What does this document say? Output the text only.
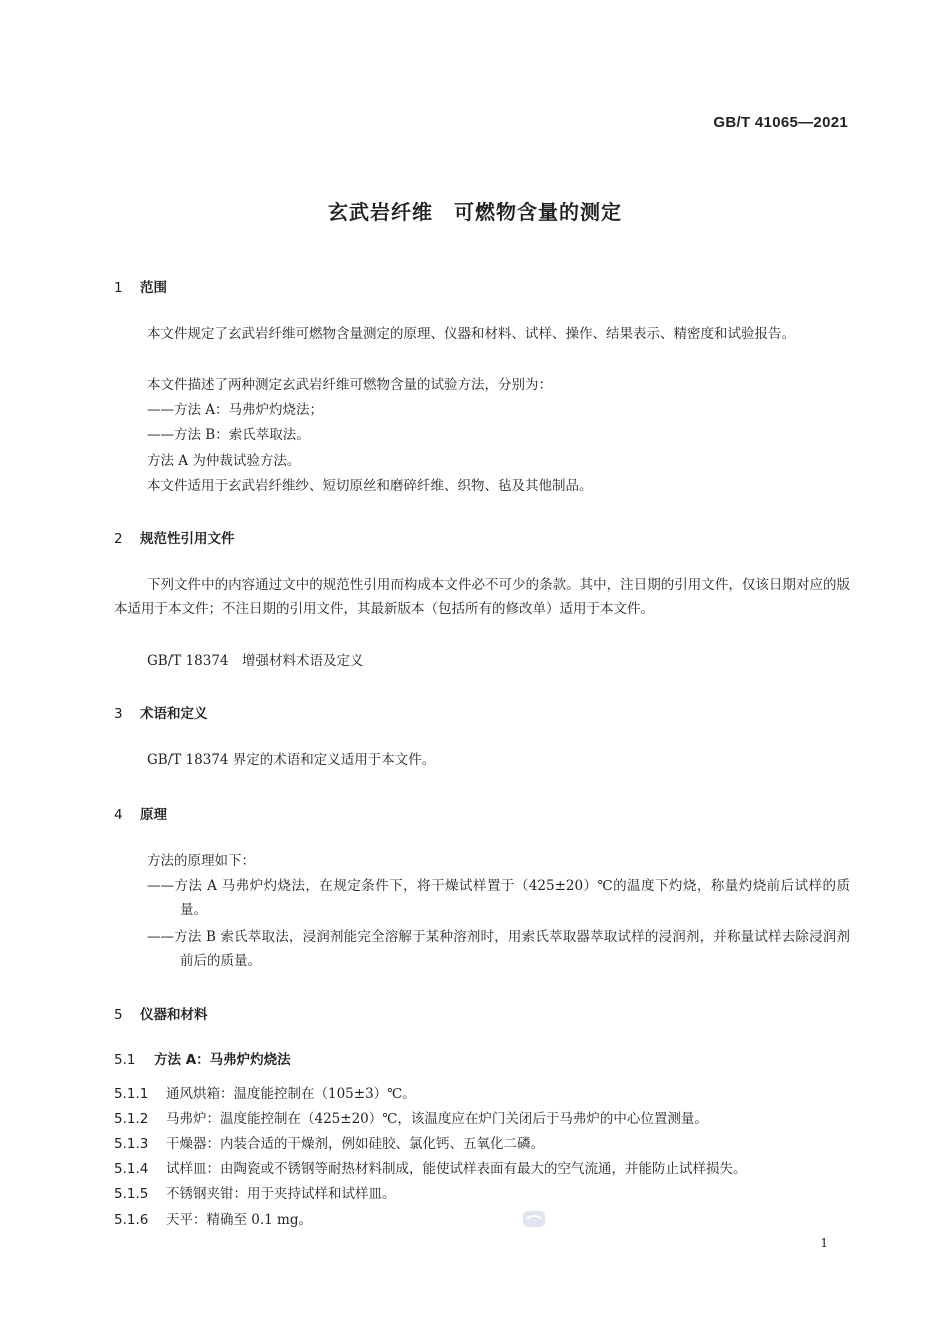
GB/T 41065—2021
玄武岩纤维　可燃物含量的测定
1 范围
本文件规定了玄武岩纤维可燃物含量测定的原理、仪器和材料、试样、操作、结果表示、精密度和试验报告。
本文件描述了两种测定玄武岩纤维可燃物含量的试验方法，分别为：
——方法 A：马弗炉灼烧法；
——方法 B：索氏萃取法。
方法 A 为仲裁试验方法。
本文件适用于玄武岩纤维纱、短切原丝和磨碎纤维、织物、毡及其他制品。
2 规范性引用文件
下列文件中的内容通过文中的规范性引用而构成本文件必不可少的条款。其中，注日期的引用文件，仅该日期对应的版本适用于本文件；不注日期的引用文件，其最新版本（包括所有的修改单）适用于本文件。
GB/T 18374　增强材料术语及定义
3 术语和定义
GB/T 18374 界定的术语和定义适用于本文件。
4 原理
方法的原理如下：
——方法 A 马弗炉灼烧法，在规定条件下，将干燥试样置于（425±20）℃的温度下灼烧，称量灼烧前后试样的质量。
——方法 B 索氏萃取法，浸润剂能完全溶解于某种溶剂时，用索氏萃取器萃取试样的浸润剂，并称量试样去除浸润剂前后的质量。
5 仪器和材料
5.1 方法 A：马弗炉灼烧法
5.1.1 通风烘箱：温度能控制在（105±3）℃。
5.1.2 马弗炉：温度能控制在（425±20）℃，该温度应在炉门关闭后于马弗炉的中心位置测量。
5.1.3 干燥器：内装合适的干燥剂，例如硅胶、氯化钙、五氧化二磷。
5.1.4 试样皿：由陶瓷或不锈钢等耐热材料制成，能使试样表面有最大的空气流通，并能防止试样损失。
5.1.5 不锈钢夹钳：用于夹持试样和试样皿。
5.1.6 天平：精确至 0.1 mg。
1
